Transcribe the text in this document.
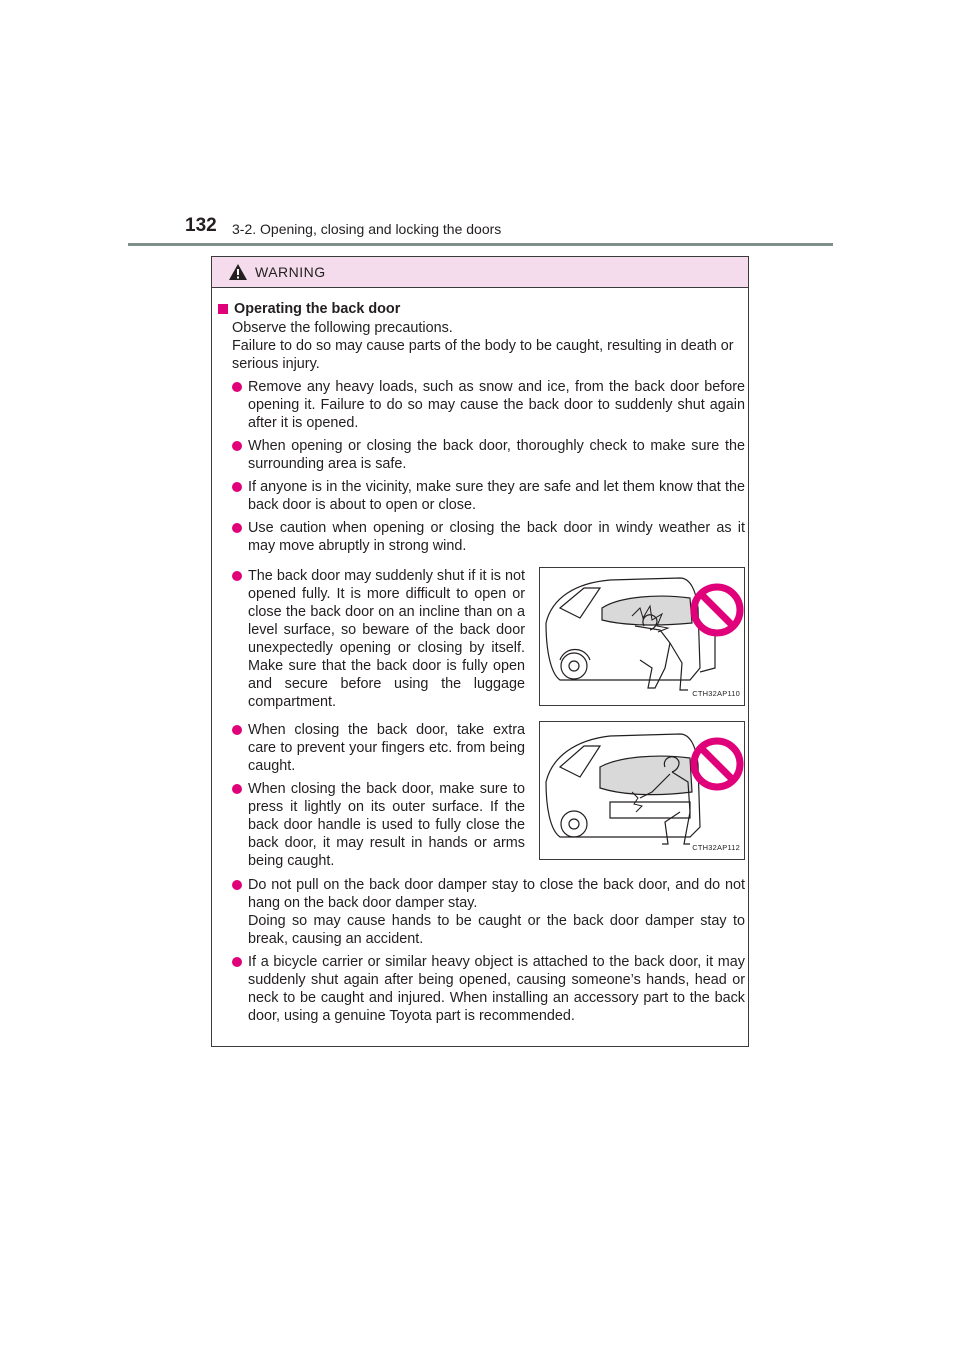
132 3-2. Opening, closing and locking the doors
WARNING
Operating the back door
Observe the following precautions.
Failure to do so may cause parts of the body to be caught, resulting in death or serious injury.
Remove any heavy loads, such as snow and ice, from the back door before opening it. Failure to do so may cause the back door to suddenly shut again after it is opened.
When opening or closing the back door, thoroughly check to make sure the surrounding area is safe.
If anyone is in the vicinity, make sure they are safe and let them know that the back door is about to open or close.
Use caution when opening or closing the back door in windy weather as it may move abruptly in strong wind.
The back door may suddenly shut if it is not opened fully. It is more difficult to open or close the back door on an incline than on a level surface, so beware of the back door unexpectedly opening or closing by itself. Make sure that the back door is fully open and secure before using the luggage compartment.
CTH32AP110
When closing the back door, take extra care to prevent your fingers etc. from being caught.
When closing the back door, make sure to press it lightly on its outer surface. If the back door handle is used to fully close the back door, it may result in hands or arms being caught.
CTH32AP112
Do not pull on the back door damper stay to close the back door, and do not hang on the back door damper stay.
Doing so may cause hands to be caught or the back door damper stay to break, causing an accident.
If a bicycle carrier or similar heavy object is attached to the back door, it may suddenly shut again after being opened, causing someone’s hands, head or neck to be caught and injured. When installing an accessory part to the back door, using a genuine Toyota part is recommended.
